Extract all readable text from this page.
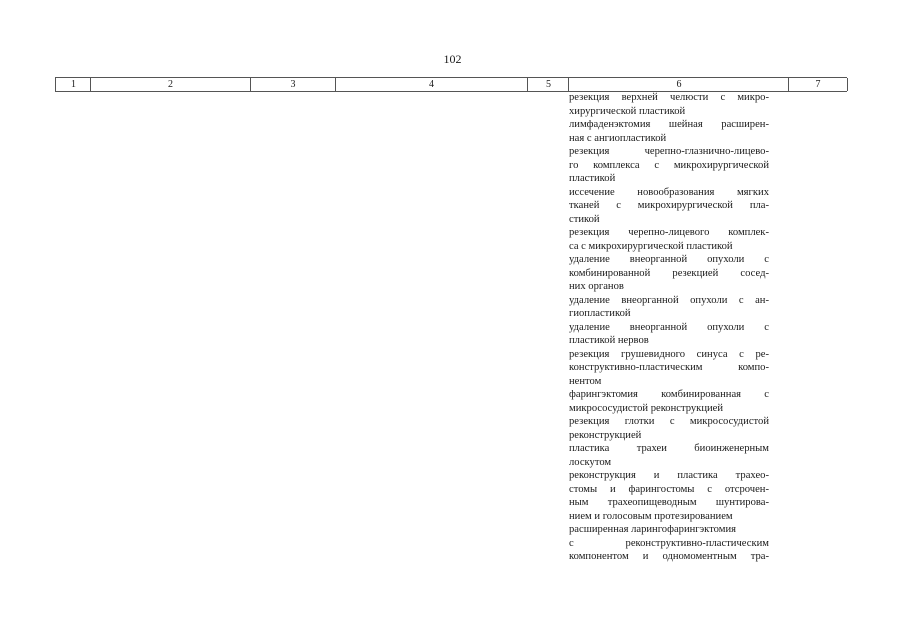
102
1	2	3	4	5	6	7
резекция верхней челюсти с микро-
хирургической пластикой
лимфаденэктомия шейная расширен-
ная с ангиопластикой
резекция черепно-глазнично-лицево-
го комплекса с микрохирургической
пластикой
иссечение новообразования мягких
тканей с микрохирургической пла-
стикой
резекция черепно-лицевого комплек-
са с микрохирургической пластикой
удаление внеорганной опухоли с
комбинированной резекцией сосед-
них органов
удаление внеорганной опухоли с ан-
гиопластикой
удаление внеорганной опухоли с
пластикой нервов
резекция грушевидного синуса с ре-
конструктивно-пластическим компо-
нентом
фарингэктомия комбинированная с
микрососудистой реконструкцией
резекция глотки с микрососудистой
реконструкцией
пластика трахеи биоинженерным
лоскутом
реконструкция и пластика трахео-
стомы и фарингостомы с отсрочен-
ным трахеопищеводным шунтирова-
нием и голосовым протезированием
расширенная ларингофарингэктомия
с реконструктивно-пластическим
компонентом и одномоментным тра-
